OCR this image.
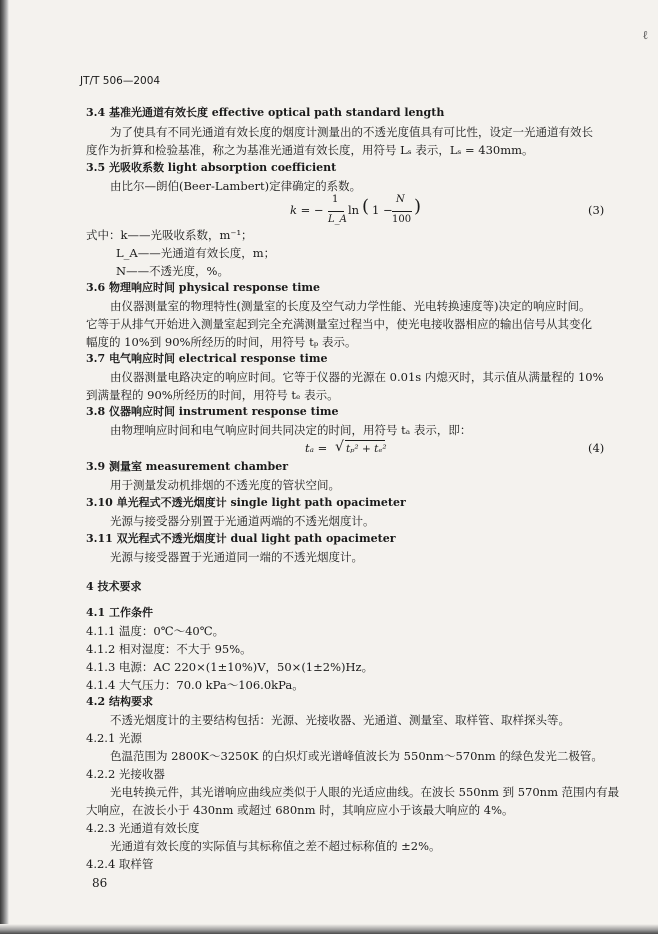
ℓ
JT/T 506—2004
3.4 基准光通道有效长度 effective optical path standard length
为了使具有不同光通道有效长度的烟度计测量出的不透光度值具有可比性，设定一光通道有效长
度作为折算和检验基准，称之为基准光通道有效长度，用符号 Lₛ 表示，Lₛ = 430mm。
3.5 光吸收系数 light absorption coefficient
由比尔—朗伯(Beer-Lambert)定律确定的系数。
k = −
1
L_A
ln ( 1 −
N
100
)	(3)
式中：k——光吸收系数，m⁻¹；
L_A——光通道有效长度，m；
N——不透光度，%。
3.6 物理响应时间 physical response time
由仪器测量室的物理特性(测量室的长度及空气动力学性能、光电转换速度等)决定的响应时间。
它等于从排气开始进入测量室起到完全充满测量室过程当中，使光电接收器相应的输出信号从其变化
幅度的 10%到 90%所经历的时间，用符号 tₚ 表示。
3.7 电气响应时间 electrical response time
由仪器测量电路决定的响应时间。它等于仪器的光源在 0.01s 内熄灭时，其示值从满量程的 10%
到满量程的 90%所经历的时间，用符号 tₑ 表示。
3.8 仪器响应时间 instrument response time
由物理响应时间和电气响应时间共同决定的时间，用符号 tₐ 表示，即：
tₐ = √ tₚ² + tₑ²	(4)
3.9 测量室 measurement chamber
用于测量发动机排烟的不透光度的管状空间。
3.10 单光程式不透光烟度计 single light path opacimeter
光源与接受器分别置于光通道两端的不透光烟度计。
3.11 双光程式不透光烟度计 dual light path opacimeter
光源与接受器置于光通道同一端的不透光烟度计。
4 技术要求
4.1 工作条件
4.1.1 温度：0℃～40℃。
4.1.2 相对湿度：不大于 95%。
4.1.3 电源：AC 220×(1±10%)V，50×(1±2%)Hz。
4.1.4 大气压力：70.0 kPa～106.0kPa。
4.2 结构要求
不透光烟度计的主要结构包括：光源、光接收器、光通道、测量室、取样管、取样探头等。
4.2.1 光源
色温范围为 2800K～3250K 的白炽灯或光谱峰值波长为 550nm～570nm 的绿色发光二极管。
4.2.2 光接收器
光电转换元件，其光谱响应曲线应类似于人眼的光适应曲线。在波长 550nm 到 570nm 范围内有最
大响应，在波长小于 430nm 或超过 680nm 时，其响应应小于该最大响应的 4%。
4.2.3 光通道有效长度
光通道有效长度的实际值与其标称值之差不超过标称值的 ±2%。
4.2.4 取样管
86
